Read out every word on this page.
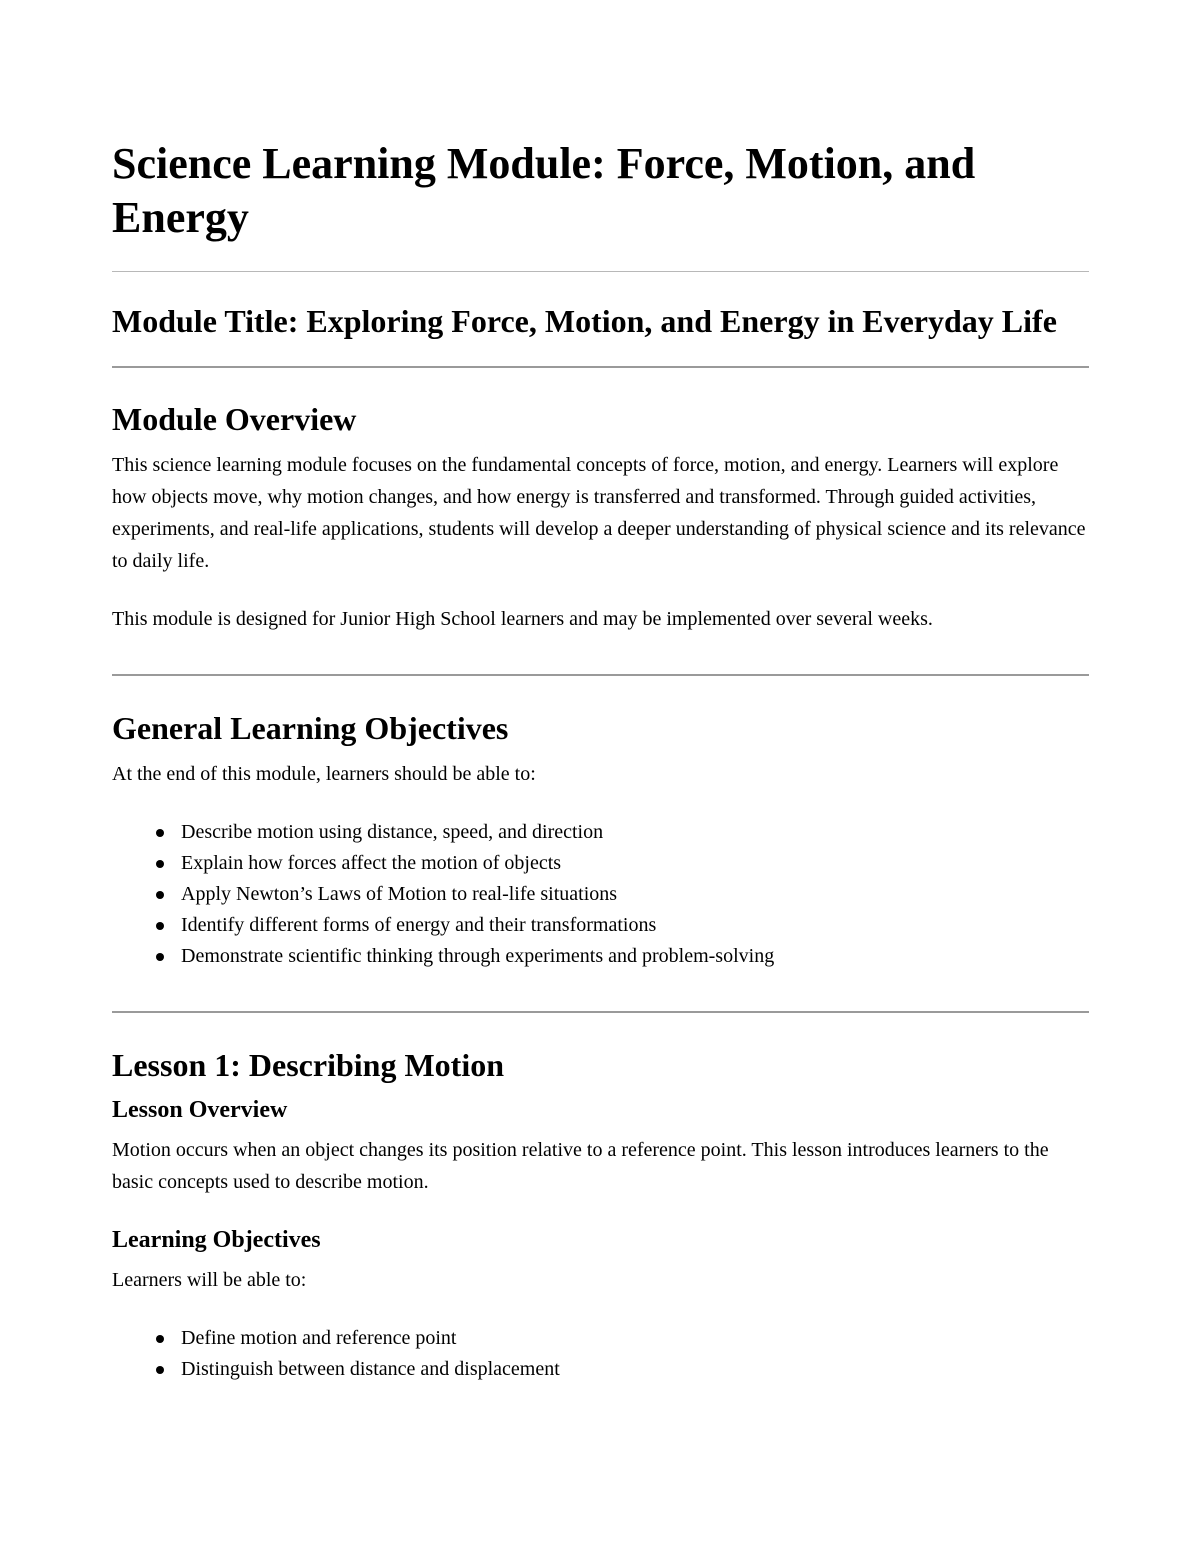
Science Learning Module: Force, Motion, and Energy
Module Title: Exploring Force, Motion, and Energy in Everyday Life
Module Overview

This science learning module focuses on the fundamental concepts of force, motion, and energy. Learners will explore how objects move, why motion changes, and how energy is transferred and transformed. Through guided activities, experiments, and real-life applications, students will develop a deeper understanding of physical science and its relevance to daily life.

This module is designed for Junior High School learners and may be implemented over several weeks.

General Learning Objectives

At the end of this module, learners should be able to:

Describe motion using distance, speed, and direction
Explain how forces affect the motion of objects
Apply Newton’s Laws of Motion to real-life situations
Identify different forms of energy and their transformations
Demonstrate scientific thinking through experiments and problem-solving
Lesson 1: Describing Motion
Lesson Overview

Motion occurs when an object changes its position relative to a reference point. This lesson introduces learners to the basic concepts used to describe motion.

Learning Objectives

Learners will be able to:

Define motion and reference point
Distinguish between distance and displacement
